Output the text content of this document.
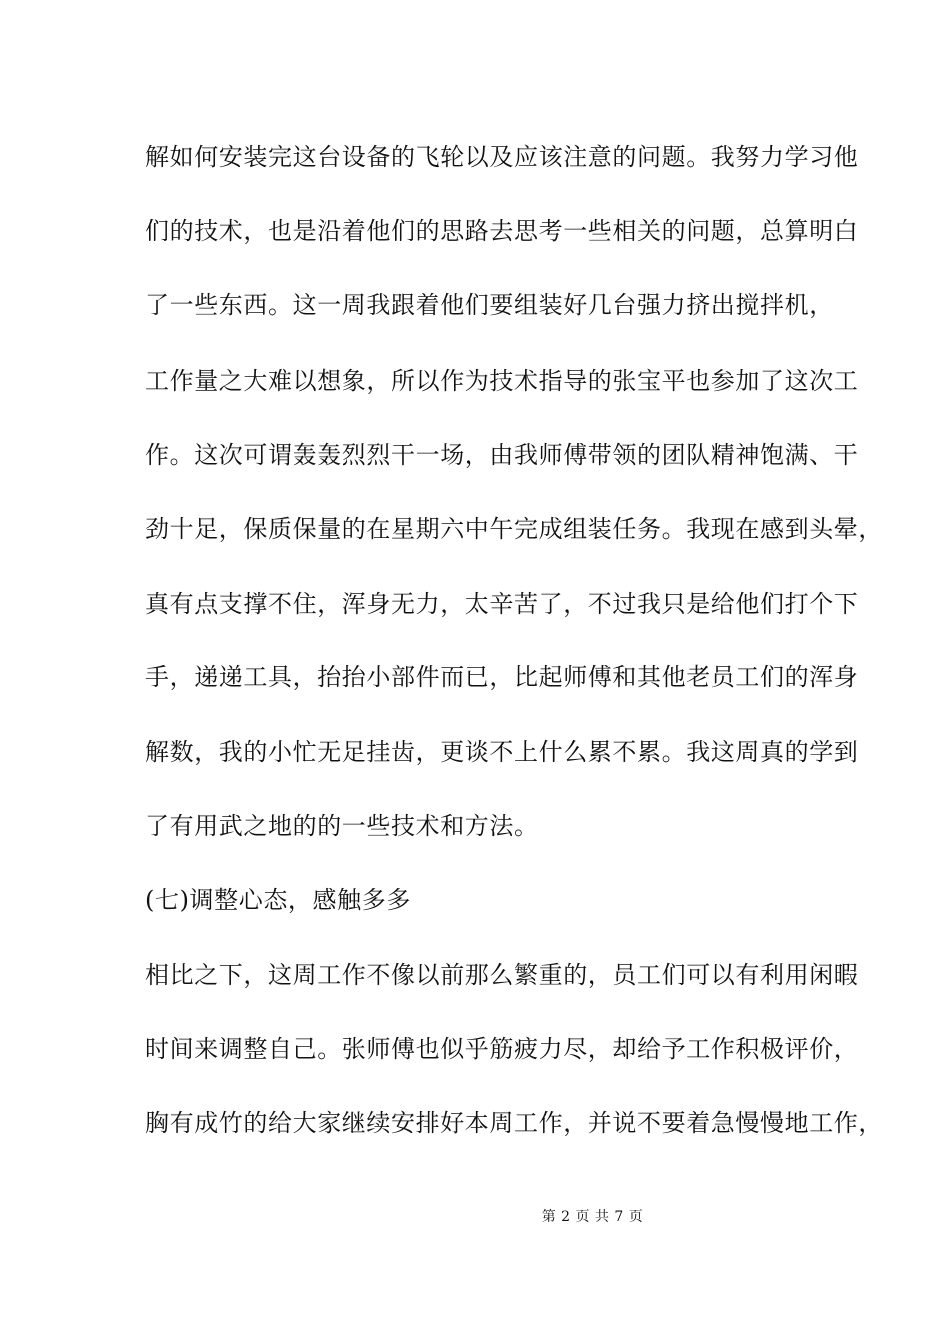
解如何安装完这台设备的飞轮以及应该注意的问题。我努力学习他
们的技术，也是沿着他们的思路去思考一些相关的问题，总算明白
了一些东西。这一周我跟着他们要组装好几台强力挤出搅拌机，
工作量之大难以想象，所以作为技术指导的张宝平也参加了这次工
作。这次可谓轰轰烈烈干一场，由我师傅带领的团队精神饱满、干
劲十足，保质保量的在星期六中午完成组装任务。我现在感到头晕，
真有点支撑不住，浑身无力，太辛苦了，不过我只是给他们打个下
手，递递工具，抬抬小部件而已，比起师傅和其他老员工们的浑身
解数，我的小忙无足挂齿，更谈不上什么累不累。我这周真的学到
了有用武之地的的一些技术和方法。
(七)调整心态，感触多多
相比之下，这周工作不像以前那么繁重的，员工们可以有利用闲暇
时间来调整自己。张师傅也似乎筋疲力尽，却给予工作积极评价，
胸有成竹的给大家继续安排好本周工作，并说不要着急慢慢地工作，
第 2 页 共 7 页
